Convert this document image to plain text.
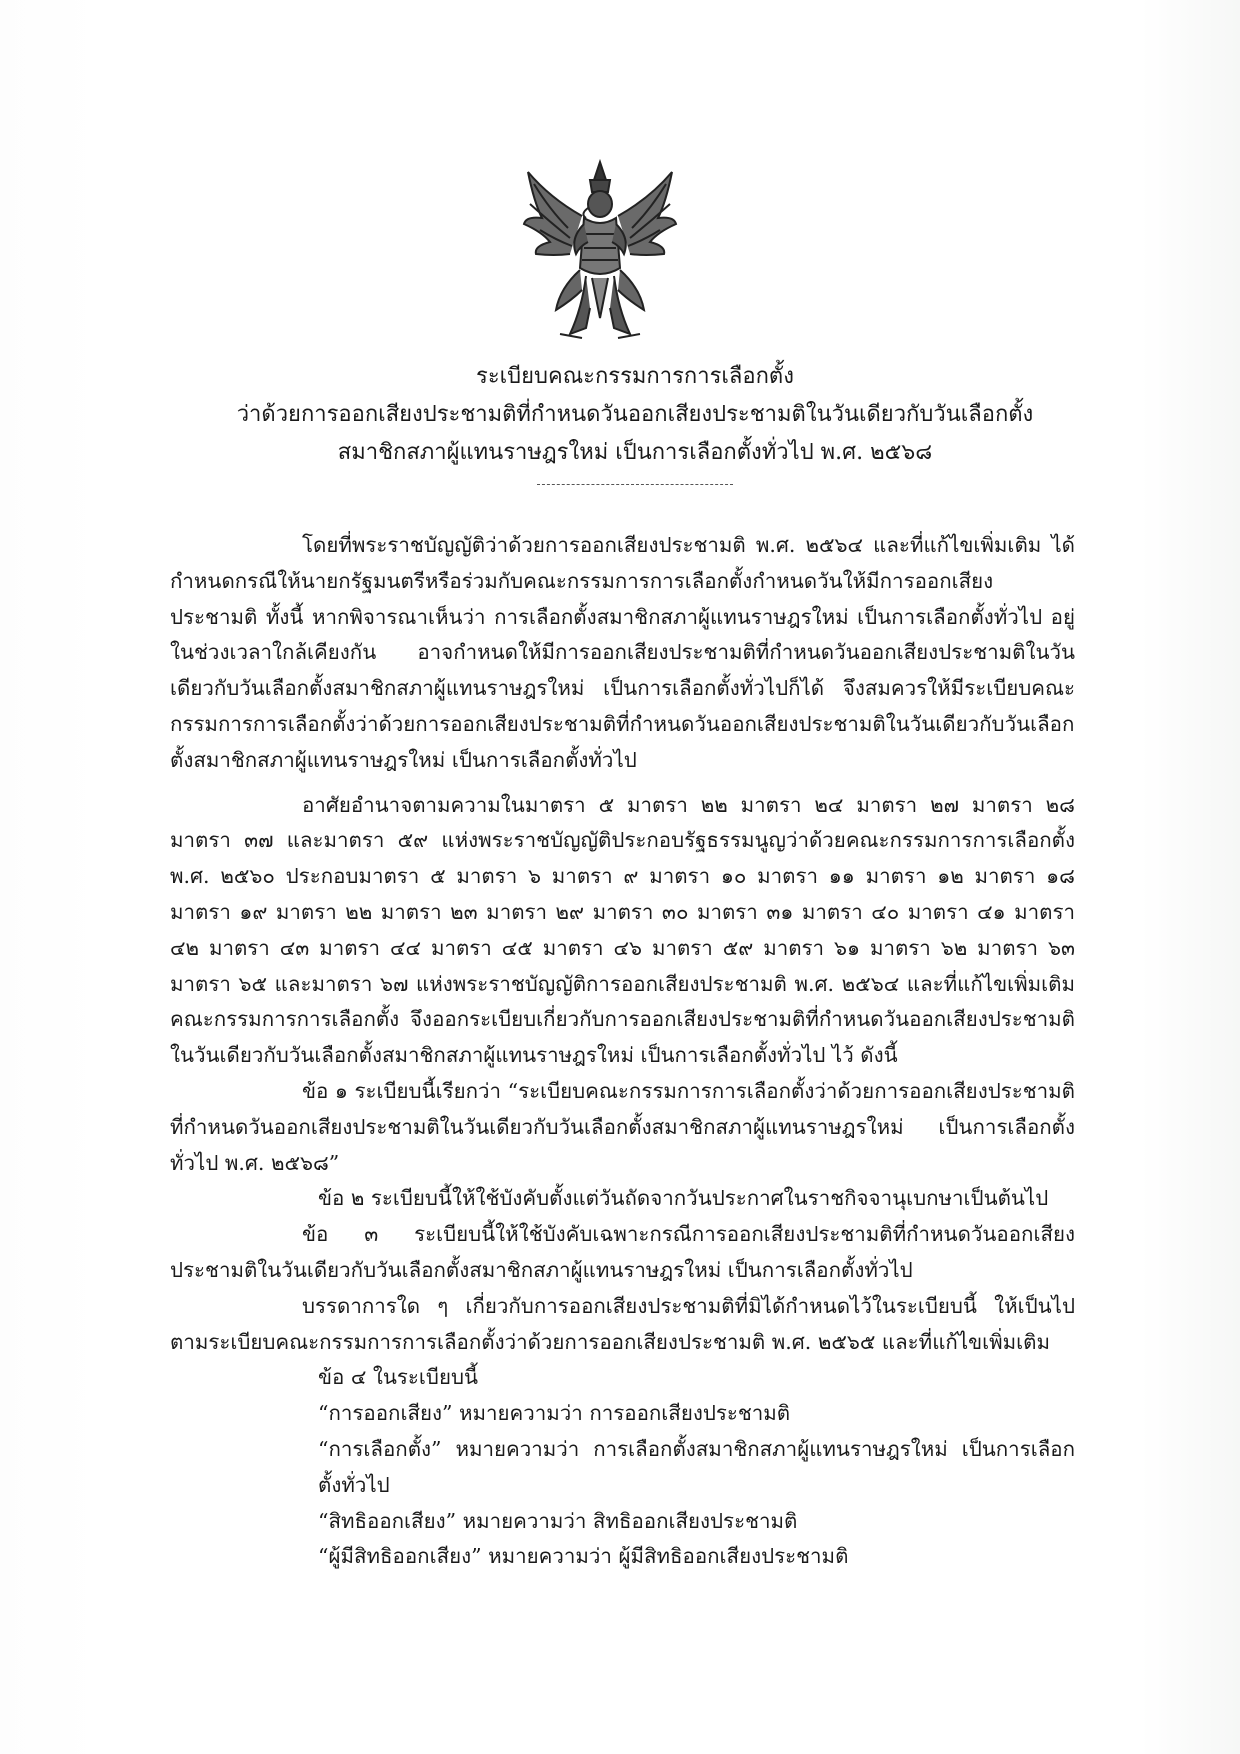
ระเบียบคณะกรรมการการเลือกตั้ง
ว่าด้วยการออกเสียงประชามติที่กำหนดวันออกเสียงประชามติในวันเดียวกับวันเลือกตั้ง
สมาชิกสภาผู้แทนราษฎรใหม่ เป็นการเลือกตั้งทั่วไป พ.ศ. ๒๕๖๘

โดยที่พระราชบัญญัติว่าด้วยการออกเสียงประชามติ พ.ศ. ๒๕๖๔ และที่แก้ไขเพิ่มเติม ได้กำหนดกรณีให้นายกรัฐมนตรีหรือร่วมกับคณะกรรมการการเลือกตั้งกำหนดวันให้มีการออกเสียงประชามติ ทั้งนี้ หากพิจารณาเห็นว่า การเลือกตั้งสมาชิกสภาผู้แทนราษฎรใหม่ เป็นการเลือกตั้งทั่วไป อยู่ในช่วงเวลาใกล้เคียงกัน อาจกำหนดให้มีการออกเสียงประชามติที่กำหนดวันออกเสียงประชามติในวันเดียวกับวันเลือกตั้งสมาชิกสภาผู้แทนราษฎรใหม่ เป็นการเลือกตั้งทั่วไปก็ได้ จึงสมควรให้มีระเบียบคณะกรรมการการเลือกตั้งว่าด้วยการออกเสียงประชามติที่กำหนดวันออกเสียงประชามติในวันเดียวกับวันเลือกตั้งสมาชิกสภาผู้แทนราษฎรใหม่ เป็นการเลือกตั้งทั่วไป

อาศัยอำนาจตามความในมาตรา ๕ มาตรา ๒๒ มาตรา ๒๔ มาตรา ๒๗ มาตรา ๒๘ มาตรา ๓๗ และมาตรา ๕๙ แห่งพระราชบัญญัติประกอบรัฐธรรมนูญว่าด้วยคณะกรรมการการเลือกตั้ง พ.ศ. ๒๕๖๐ ประกอบมาตรา ๕ มาตรา ๖ มาตรา ๙ มาตรา ๑๐ มาตรา ๑๑ มาตรา ๑๒ มาตรา ๑๘ มาตรา ๑๙ มาตรา ๒๒ มาตรา ๒๓ มาตรา ๒๙ มาตรา ๓๐ มาตรา ๓๑ มาตรา ๔๐ มาตรา ๔๑ มาตรา ๔๒ มาตรา ๔๓ มาตรา ๔๔ มาตรา ๔๕ มาตรา ๔๖ มาตรา ๕๙ มาตรา ๖๑ มาตรา ๖๒ มาตรา ๖๓ มาตรา ๖๕ และมาตรา ๖๗ แห่งพระราชบัญญัติการออกเสียงประชามติ พ.ศ. ๒๕๖๔ และที่แก้ไขเพิ่มเติม คณะกรรมการการเลือกตั้ง จึงออกระเบียบเกี่ยวกับการออกเสียงประชามติที่กำหนดวันออกเสียงประชามติในวันเดียวกับวันเลือกตั้งสมาชิกสภาผู้แทนราษฎรใหม่ เป็นการเลือกตั้งทั่วไป ไว้ ดังนี้

ข้อ ๑ ระเบียบนี้เรียกว่า “ระเบียบคณะกรรมการการเลือกตั้งว่าด้วยการออกเสียงประชามติที่กำหนดวันออกเสียงประชามติในวันเดียวกับวันเลือกตั้งสมาชิกสภาผู้แทนราษฎรใหม่ เป็นการเลือกตั้งทั่วไป พ.ศ. ๒๕๖๘”

ข้อ ๒ ระเบียบนี้ให้ใช้บังคับตั้งแต่วันถัดจากวันประกาศในราชกิจจานุเบกษาเป็นต้นไป

ข้อ ๓ ระเบียบนี้ให้ใช้บังคับเฉพาะกรณีการออกเสียงประชามติที่กำหนดวันออกเสียงประชามติในวันเดียวกับวันเลือกตั้งสมาชิกสภาผู้แทนราษฎรใหม่ เป็นการเลือกตั้งทั่วไป

บรรดาการใด ๆ เกี่ยวกับการออกเสียงประชามติที่มิได้กำหนดไว้ในระเบียบนี้ ให้เป็นไปตามระเบียบคณะกรรมการการเลือกตั้งว่าด้วยการออกเสียงประชามติ พ.ศ. ๒๕๖๕ และที่แก้ไขเพิ่มเติม

ข้อ ๔ ในระเบียบนี้

“การออกเสียง” หมายความว่า การออกเสียงประชามติ

“การเลือกตั้ง” หมายความว่า การเลือกตั้งสมาชิกสภาผู้แทนราษฎรใหม่ เป็นการเลือกตั้งทั่วไป

“สิทธิออกเสียง” หมายความว่า สิทธิออกเสียงประชามติ

“ผู้มีสิทธิออกเสียง” หมายความว่า ผู้มีสิทธิออกเสียงประชามติ
